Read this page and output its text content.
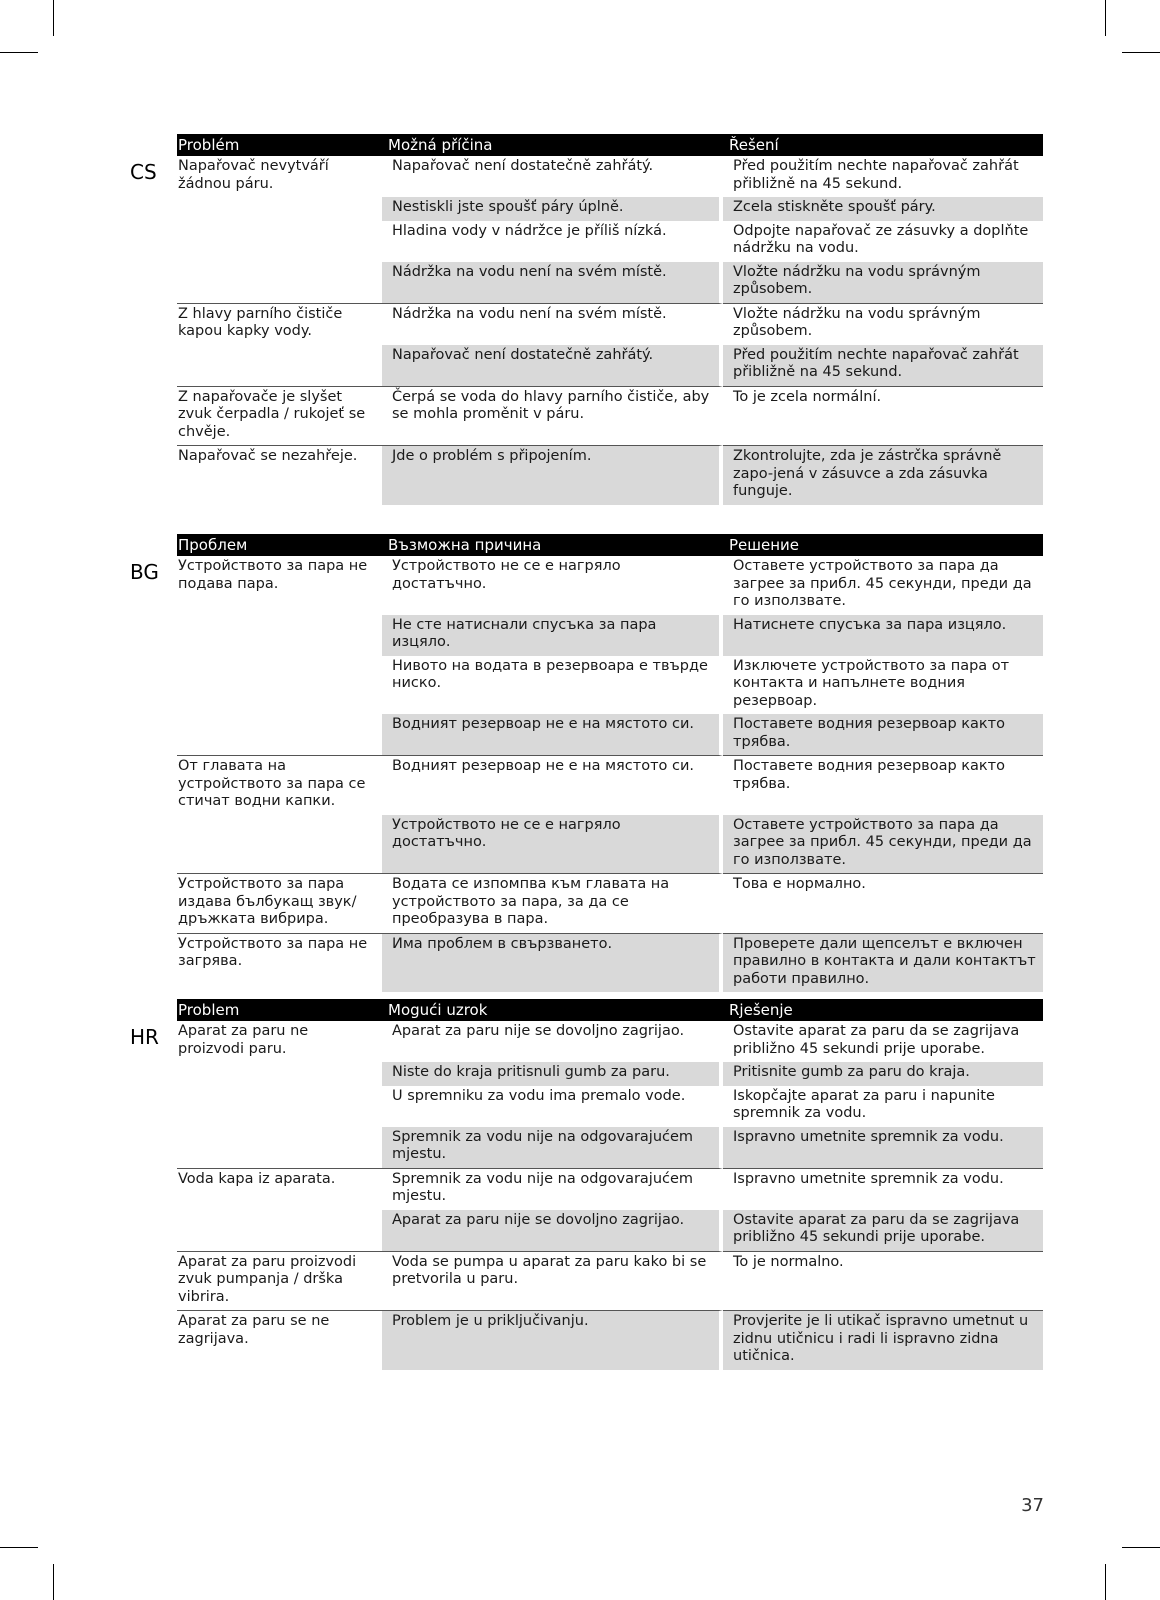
CS
Problém	Možná příčina	Řešení
Napařovač nevytváří žádnou páru.	Napařovač není dostatečně zahřátý.	Před použitím nechte napařovač zahřát přibližně na 45 sekund.
	Nestiskli jste spoušť páry úplně.	Zcela stiskněte spoušť páry.
	Hladina vody v nádržce je příliš nízká.	Odpojte napařovač ze zásuvky a doplňte nádržku na vodu.
	Nádržka na vodu není na svém místě.	Vložte nádržku na vodu správným způsobem.
Z hlavy parního čističe kapou kapky vody.	Nádržka na vodu není na svém místě.	Vložte nádržku na vodu správným způsobem.
	Napařovač není dostatečně zahřátý.	Před použitím nechte napařovač zahřát přibližně na 45 sekund.
Z napařovače je slyšet zvuk čerpadla / rukojeť se chvěje.	Čerpá se voda do hlavy parního čističe, aby se mohla proměnit v páru.	To je zcela normální.
Napařovač se nezahřeje.	Jde o problém s připojením.	Zkontrolujte, zda je zástrčka správně zapo-jená v zásuvce a zda zásuvka funguje.
BG
Проблем	Възможна причина	Решение
Устройството за пара не подава пара.	Устройството не се е нагряло достатъчно.	Оставете устройството за пара да загрее за прибл. 45 секунди, преди да го използвате.
	Не сте натиснали спусъка за пара изцяло.	Натиснете спусъка за пара изцяло.
	Нивото на водата в резервоара е твърде ниско.	Изключете устройството за пара от контакта и напълнете водния резервоар.
	Водният резервоар не е на мястото си.	Поставете водния резервоар както трябва.
От главата на устройството за пара се стичат водни капки.	Водният резервоар не е на мястото си.	Поставете водния резервоар както трябва.
	Устройството не се е нагряло достатъчно.	Оставете устройството за пара да загрее за прибл. 45 секунди, преди да го използвате.
Устройството за пара издава бълбукащ звук/ дръжката вибрира.	Водата се изпомпва към главата на устройството за пара, за да се преобразува в пара.	Това е нормално.
Устройството за пара не загрява.	Има проблем в свързването.	Проверете дали щепселът е включен правилно в контакта и дали контактът работи правилно.
HR
Problem	Mogući uzrok	Rješenje
Aparat za paru ne proizvodi paru.	Aparat za paru nije se dovoljno zagrijao.	Ostavite aparat za paru da se zagrijava približno 45 sekundi prije uporabe.
	Niste do kraja pritisnuli gumb za paru.	Pritisnite gumb za paru do kraja.
	U spremniku za vodu ima premalo vode.	Iskopčajte aparat za paru i napunite spremnik za vodu.
	Spremnik za vodu nije na odgovarajućem mjestu.	Ispravno umetnite spremnik za vodu.
Voda kapa iz aparata.	Spremnik za vodu nije na odgovarajućem mjestu.	Ispravno umetnite spremnik za vodu.
	Aparat za paru nije se dovoljno zagrijao.	Ostavite aparat za paru da se zagrijava približno 45 sekundi prije uporabe.
Aparat za paru proizvodi zvuk pumpanja / drška vibrira.	Voda se pumpa u aparat za paru kako bi se pretvorila u paru.	To je normalno.
Aparat za paru se ne zagrijava.	Problem je u priključivanju.	Provjerite je li utikač ispravno umetnut u zidnu utičnicu i radi li ispravno zidna utičnica.
37
